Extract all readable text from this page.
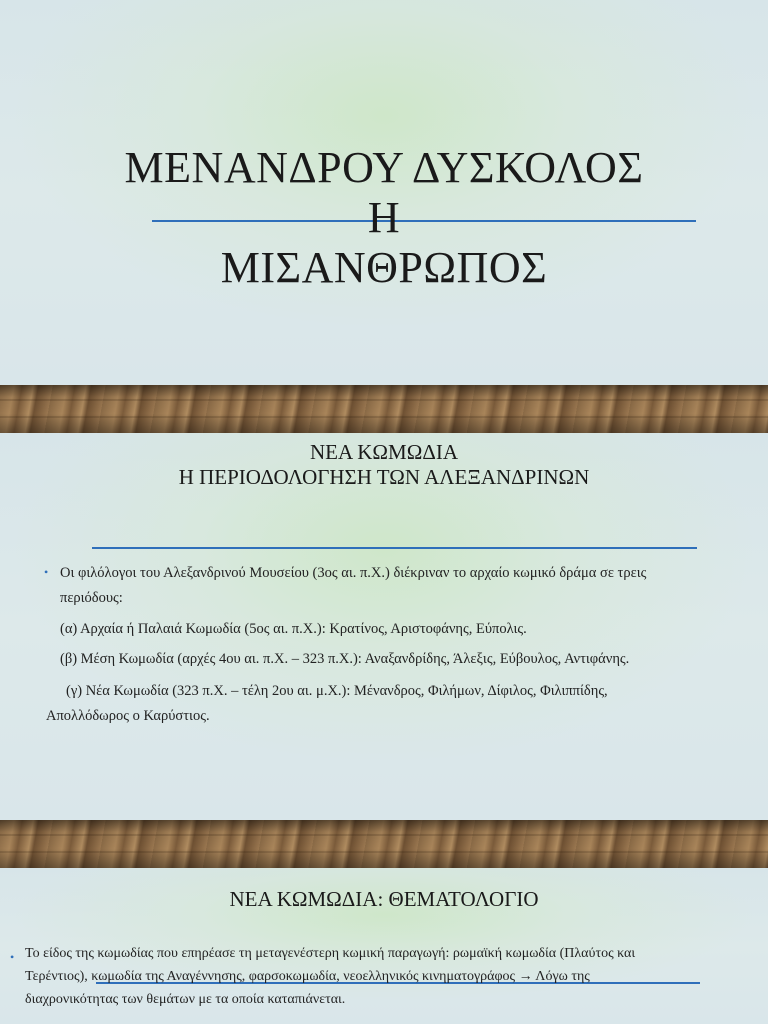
ΜΕΝΑΝΔΡΟΥ ΔΥΣΚΟΛΟΣ
Η
ΜΙΣΑΝΘΡΩΠΟΣ
ΝΕΑ ΚΩΜΩΔΙΑ
Η ΠΕΡΙΟΔΟΛΟΓΗΣΗ ΤΩΝ ΑΛΕΞΑΝΔΡΙΝΩΝ
• Οι φιλόλογοι του Αλεξανδρινού Μουσείου (3ος αι. π.Χ.) διέκριναν το αρχαίο κωμικό δράμα σε τρεις

περιόδους:

(α) Αρχαία ή Παλαιά Κωμωδία (5ος αι. π.Χ.): Κρατίνος, Αριστοφάνης, Εύπολις.

(β) Μέση Κωμωδία (αρχές 4ου αι. π.Χ. – 323 π.Χ.): Αναξανδρίδης, Άλεξις, Εύβουλος, Αντιφάνης.

(γ) Νέα Κωμωδία (323 π.Χ. – τέλη 2ου αι. μ.Χ.): Μένανδρος, Φιλήμων, Δίφιλος, Φιλιππίδης,

Απολλόδωρος ο Καρύστιος.

ΝΕΑ ΚΩΜΩΔΙΑ: ΘΕΜΑΤΟΛΟΓΙΟ
• Το είδος της κωμωδίας που επηρέασε τη μεταγενέστερη κωμική παραγωγή: ρωμαϊκή κωμωδία (Πλαύτος και

Τερέντιος), κωμωδία της Αναγέννησης, φαρσοκωμωδία, νεοελληνικός κινηματογράφος → Λόγω της

διαχρονικότητας των θεμάτων με τα οποία καταπιάνεται.
